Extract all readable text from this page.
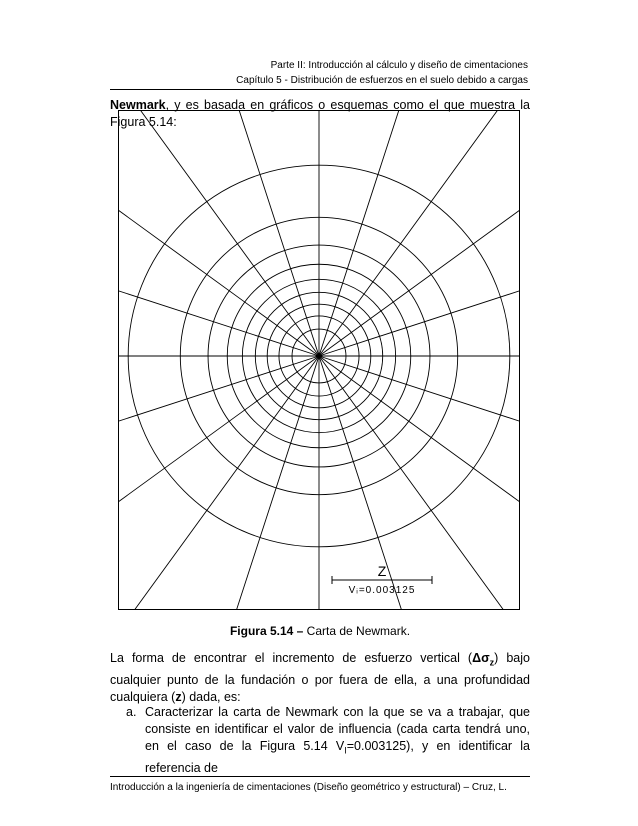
Parte II: Introducción al cálculo y diseño de cimentaciones
Capítulo 5 - Distribución de esfuerzos en el suelo debido a cargas
Newmark, y es basada en gráficos o esquemas como el que muestra la Figura 5.14:
Z
Vᵢ=0.003125
Figura 5.14 – Carta de Newmark.
La forma de encontrar el incremento de esfuerzo vertical $(\Delta\sigma_z)$ bajo cualquier punto de la fundación o por fuera de ella, a una profundidad cualquiera (z) dada, es:
a. Caracterizar la carta de Newmark con la que se va a trabajar, que consiste en identificar el valor de influencia (cada carta tendrá uno, en el caso de la Figura 5.14 $V_I=0.003125$), y en identificar la referencia de
Introducción a la ingeniería de cimentaciones (Diseño geométrico y estructural) – Cruz, L.
